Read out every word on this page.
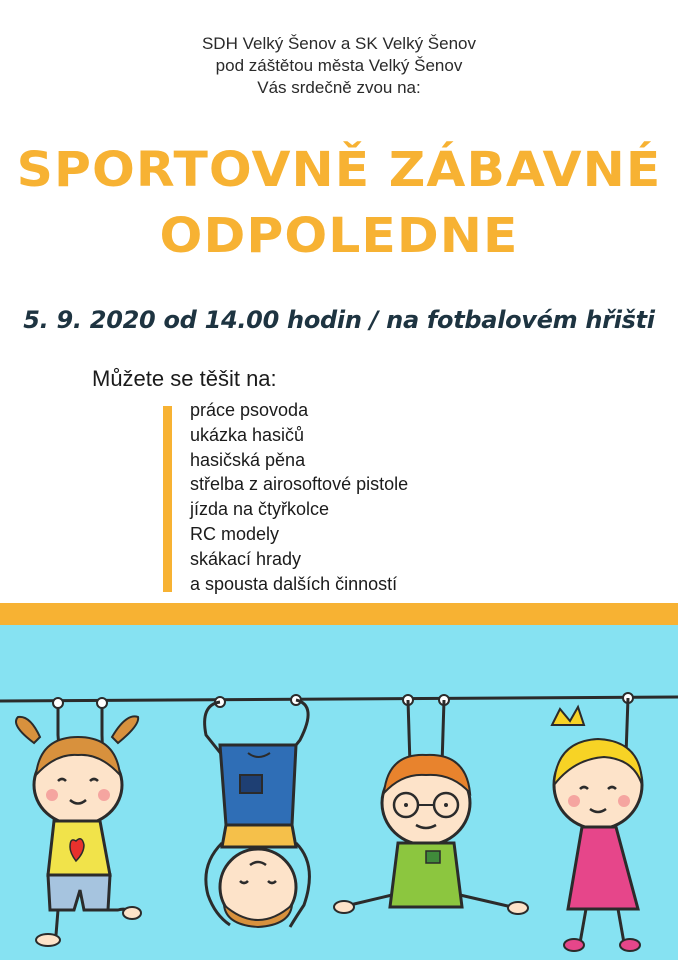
SDH Velký Šenov a SK Velký Šenov
pod záštětou města Velký Šenov
Vás srdečně zvou na:
SPORTOVNĚ ZÁBAVNÉ
ODPOLEDNE
5. 9. 2020 od 14.00 hodin / na fotbalovém hřišti
Můžete se těšit na:
práce psovoda
ukázka hasičů
hasičská pěna
střelba z airosoftové pistole
jízda na čtyřkolce
RC modely
skákací hrady
a spousta dalších činností
